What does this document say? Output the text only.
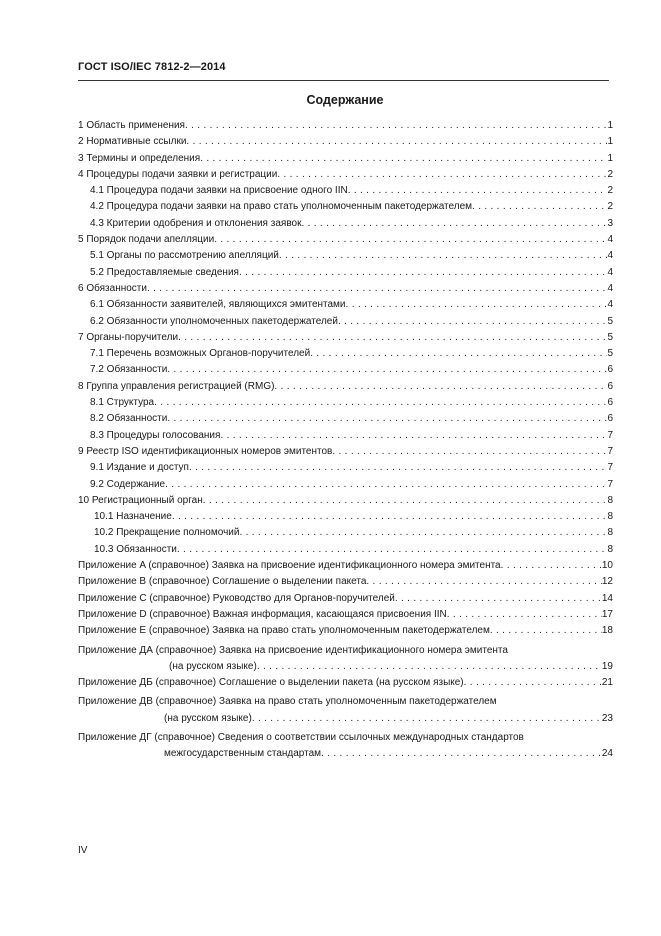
ГОСТ ISO/IEC 7812-2—2014
Содержание
1 Область применения . . .	1
2 Нормативные ссылки . . .	1
3 Термины и определения . . .	1
4 Процедуры подачи заявки и регистрации . . .	2
4.1 Процедура подачи заявки на присвоение одного IIN . . .	2
4.2 Процедура подачи заявки на право стать уполномоченным пакетодержателем . . .	2
4.3 Критерии одобрения и отклонения заявок . . .	3
5 Порядок подачи апелляции . . .	4
5.1 Органы по рассмотрению апелляций . . .	4
5.2 Предоставляемые сведения . . .	4
6 Обязанности . . .	4
6.1 Обязанности заявителей, являющихся эмитентами . . .	4
6.2 Обязанности уполномоченных пакетодержателей . . .	5
7 Органы-поручители . . .	5
7.1 Перечень возможных Органов-поручителей . . .	5
7.2 Обязанности . . .	6
8 Группа управления регистрацией (RMG) . . .	6
8.1 Структура . . .	6
8.2 Обязанности . . .	6
8.3 Процедуры голосования . . .	7
9 Реестр ISO идентификационных номеров эмитентов . . .	7
9.1 Издание и доступ . . .	7
9.2 Содержание . . .	7
10 Регистрационный орган . . .	8
10.1 Назначение . . .	8
10.2 Прекращение полномочий . . .	8
10.3 Обязанности . . .	8
Приложение A (справочное) Заявка на присвоение идентификационного номера эмитента . . .	10
Приложение B (справочное) Соглашение о выделении пакета . . .	12
Приложение C (справочное) Руководство для Органов-поручителей . . .	14
Приложение D (справочное) Важная информация, касающаяся присвоения IIN . . .	17
Приложение E (справочное) Заявка на право стать уполномоченным пакетодержателем . . .	18
Приложение ДА (справочное) Заявка на присвоение идентификационного номера эмитента
(на русском языке) . . .	19
Приложение ДБ (справочное) Соглашение о выделении пакета (на русском языке) . . .	21
Приложение ДВ (справочное) Заявка на право стать уполномоченным пакетодержателем
(на русском языке) . . .	23
Приложение ДГ (справочное) Сведения о соответствии ссылочных международных стандартов
межгосударственным стандартам . . .	24
IV
